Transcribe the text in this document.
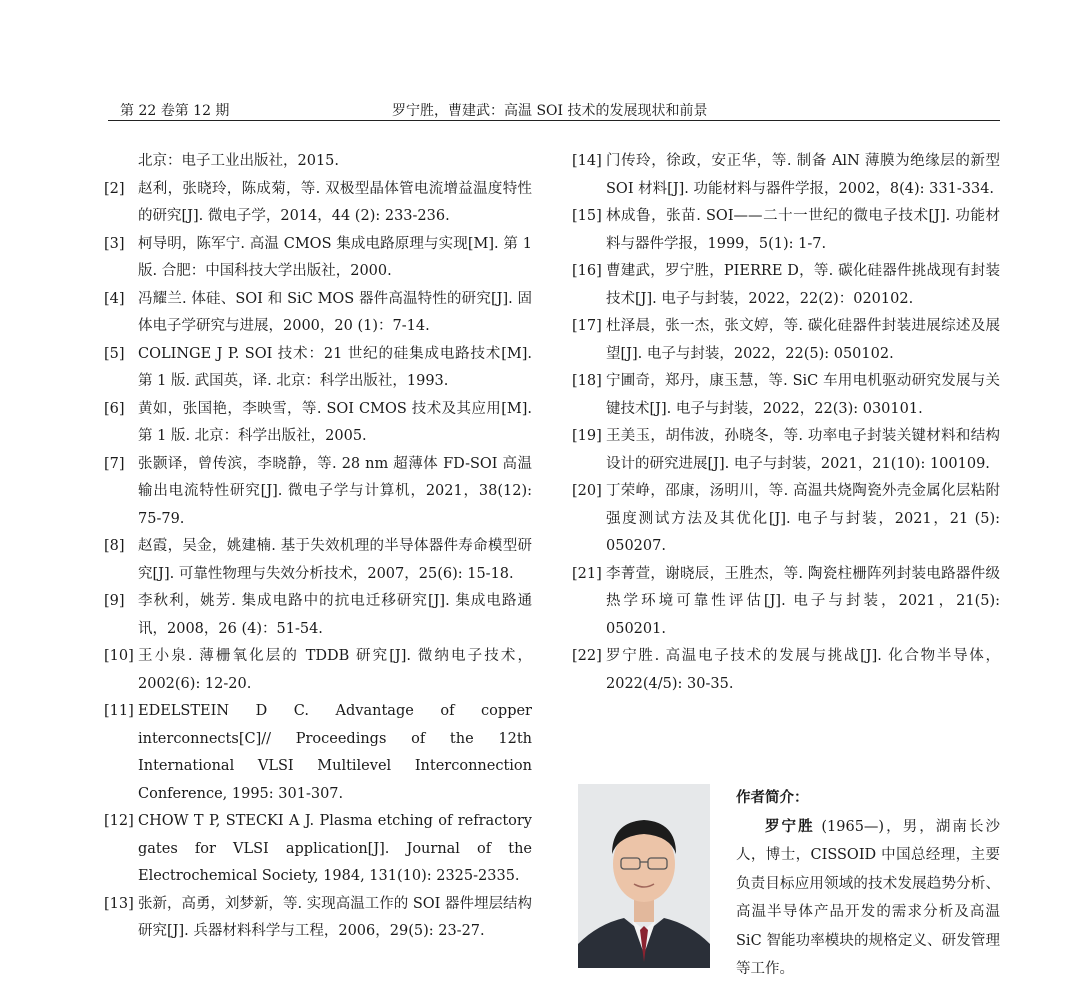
第 22 卷第 12 期	罗宁胜，曹建武：高温 SOI 技术的发展现状和前景
北京：电子工业出版社，2015.
[2] 赵利，张晓玲，陈成菊，等. 双极型晶体管电流增益温度特性的研究[J]. 微电子学，2014，44 (2): 233-236.
[3] 柯导明，陈军宁. 高温 CMOS 集成电路原理与实现[M]. 第 1 版. 合肥：中国科技大学出版社，2000.
[4] 冯耀兰. 体硅、SOI 和 SiC MOS 器件高温特性的研究[J]. 固体电子学研究与进展，2000，20 (1)：7-14.
[5] COLINGE J P. SOI 技术：21 世纪的硅集成电路技术[M]. 第 1 版. 武国英，译. 北京：科学出版社，1993.
[6] 黄如，张国艳，李映雪，等. SOI CMOS 技术及其应用[M]. 第 1 版. 北京：科学出版社，2005.
[7] 张颢译，曾传滨，李晓静，等. 28 nm 超薄体 FD-SOI 高温输出电流特性研究[J]. 微电子学与计算机，2021，38(12): 75-79.
[8] 赵霞，吴金，姚建楠. 基于失效机理的半导体器件寿命模型研究[J]. 可靠性物理与失效分析技术，2007，25(6): 15-18.
[9] 李秋利，姚芳. 集成电路中的抗电迁移研究[J]. 集成电路通讯，2008，26 (4)：51-54.
[10] 王小泉. 薄栅氧化层的 TDDB 研究[J]. 微纳电子技术，2002(6): 12-20.
[11] EDELSTEIN D C. Advantage of copper interconnects[C]// Proceedings of the 12th International VLSI Multilevel Interconnection Conference, 1995: 301-307.
[12] CHOW T P, STECKI A J. Plasma etching of refractory gates for VLSI application[J]. Journal of the Electrochemical Society, 1984, 131(10): 2325-2335.
[13] 张新，高勇，刘梦新，等. 实现高温工作的 SOI 器件埋层结构研究[J]. 兵器材料科学与工程，2006，29(5): 23-27.
[14] 门传玲，徐政，安正华，等. 制备 AlN 薄膜为绝缘层的新型 SOI 材料[J]. 功能材料与器件学报，2002，8(4): 331-334.
[15] 林成鲁，张苗. SOI——二十一世纪的微电子技术[J]. 功能材料与器件学报，1999，5(1): 1-7.
[16] 曹建武，罗宁胜，PIERRE D，等. 碳化硅器件挑战现有封装技术[J]. 电子与封装，2022，22(2)：020102.
[17] 杜泽晨，张一杰，张文婷，等. 碳化硅器件封装进展综述及展望[J]. 电子与封装，2022，22(5): 050102.
[18] 宁圃奇，郑丹，康玉慧，等. SiC 车用电机驱动研究发展与关键技术[J]. 电子与封装，2022，22(3): 030101.
[19] 王美玉，胡伟波，孙晓冬，等. 功率电子封装关键材料和结构设计的研究进展[J]. 电子与封装，2021，21(10): 100109.
[20] 丁荣峥，邵康，汤明川，等. 高温共烧陶瓷外壳金属化层粘附强度测试方法及其优化[J]. 电子与封装，2021，21 (5): 050207.
[21] 李菁萱，谢晓辰，王胜杰，等. 陶瓷柱栅阵列封装电路器件级热学环境可靠性评估[J]. 电子与封装，2021，21(5): 050201.
[22] 罗宁胜. 高温电子技术的发展与挑战[J]. 化合物半导体，2022(4/5): 30-35.
作者简介：

罗宁胜 (1965—)，男，湖南长沙人，博士，CISSOID 中国总经理，主要负责目标应用领域的技术发展趋势分析、高温半导体产品开发的需求分析及高温 SiC 智能功率模块的规格定义、研发管理等工作。
